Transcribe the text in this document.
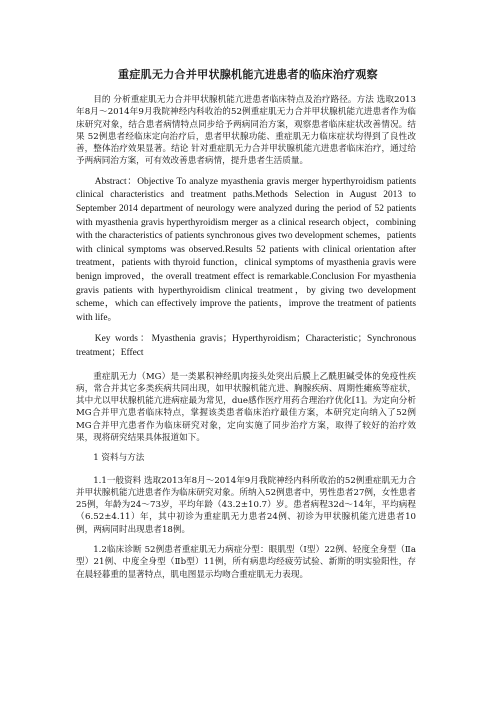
重症肌无力合并甲状腺机能亢进患者的临床治疗观察

目的 分析重症肌无力合并甲状腺机能亢进患者临床特点及治疗路径。方法 选取2013年8月～2014年9月我院神经内科收治的52例重症肌无力合并甲状腺机能亢进患者作为临床研究对象，结合患者病情特点同步给予两病同治方案，观察患者临床症状改善情况。结果 52例患者经临床定向治疗后，患者甲状腺功能、重症肌无力临床症状均得到了良性改善，整体治疗效果显著。结论 针对重症肌无力合并甲状腺机能亢进患者临床治疗，通过给予两病同治方案，可有效改善患者病情，提升患者生活质量。

Abstract：Objective To analyze myasthenia gravis merger hyperthyroidism patients clinical characteristics and treatment paths.Methods Selection in August 2013 to September 2014 department of neurology were analyzed during the period of 52 patients with myasthenia gravis hyperthyroidism merger as a clinical research object，combining with the characteristics of patients synchronous gives two development schemes，patients with clinical symptoms was observed.Results 52 patients with clinical orientation after treatment，patients with thyroid function，clinical symptoms of myasthenia gravis were benign improved，the overall treatment effect is remarkable.Conclusion For myasthenia gravis patients with hyperthyroidism clinical treatment，by giving two development scheme，which can effectively improve the patients，improve the treatment of patients with life。

Key words：Myasthenia gravis；Hyperthyroidism；Characteristic；Synchronous treatment；Effect

重症肌无力（MG）是一类累积神经肌肉接头处突出后膜上乙酰胆碱受体的免疫性疾病，常合并其它多类疾病共同出现，如甲状腺机能亢进、胸腺疾病、周期性瘫痪等症状，其中尤以甲状腺机能亢进病症最为常见，due感作医疗用药合理治疗优化[1]。为定向分析MG合并甲亢患者临床特点，掌握该类患者临床治疗最佳方案，本研究定向纳入了52例MG合并甲亢患者作为临床研究对象，定向实施了同步治疗方案，取得了较好的治疗效果，现将研究结果具体报道如下。

1 资料与方法

1.1一般资料 选取2013年8月～2014年9月我院神经内科所收治的52例重症肌无力合并甲状腺机能亢进患者作为临床研究对象。所纳入52例患者中，男性患者27例，女性患者25例，年龄为24～73岁，平均年龄（43.2±10.7）岁。患者病程32d～14年，平均病程（6.52±4.11）年，其中初诊为重症肌无力患者24例、初诊为甲状腺机能亢进患者10例，两病同时出现患者18例。

1.2临床诊断 52例患者重症肌无力病症分型：眼肌型（Ⅰ型）22例、轻度全身型（Ⅱa型）21例、中度全身型（Ⅱb型）11例，所有病患均经疲劳试验、新斯的明实验阳性，存在晨轻暮重的显著特点，肌电图显示均吻合重症肌无力表现。
